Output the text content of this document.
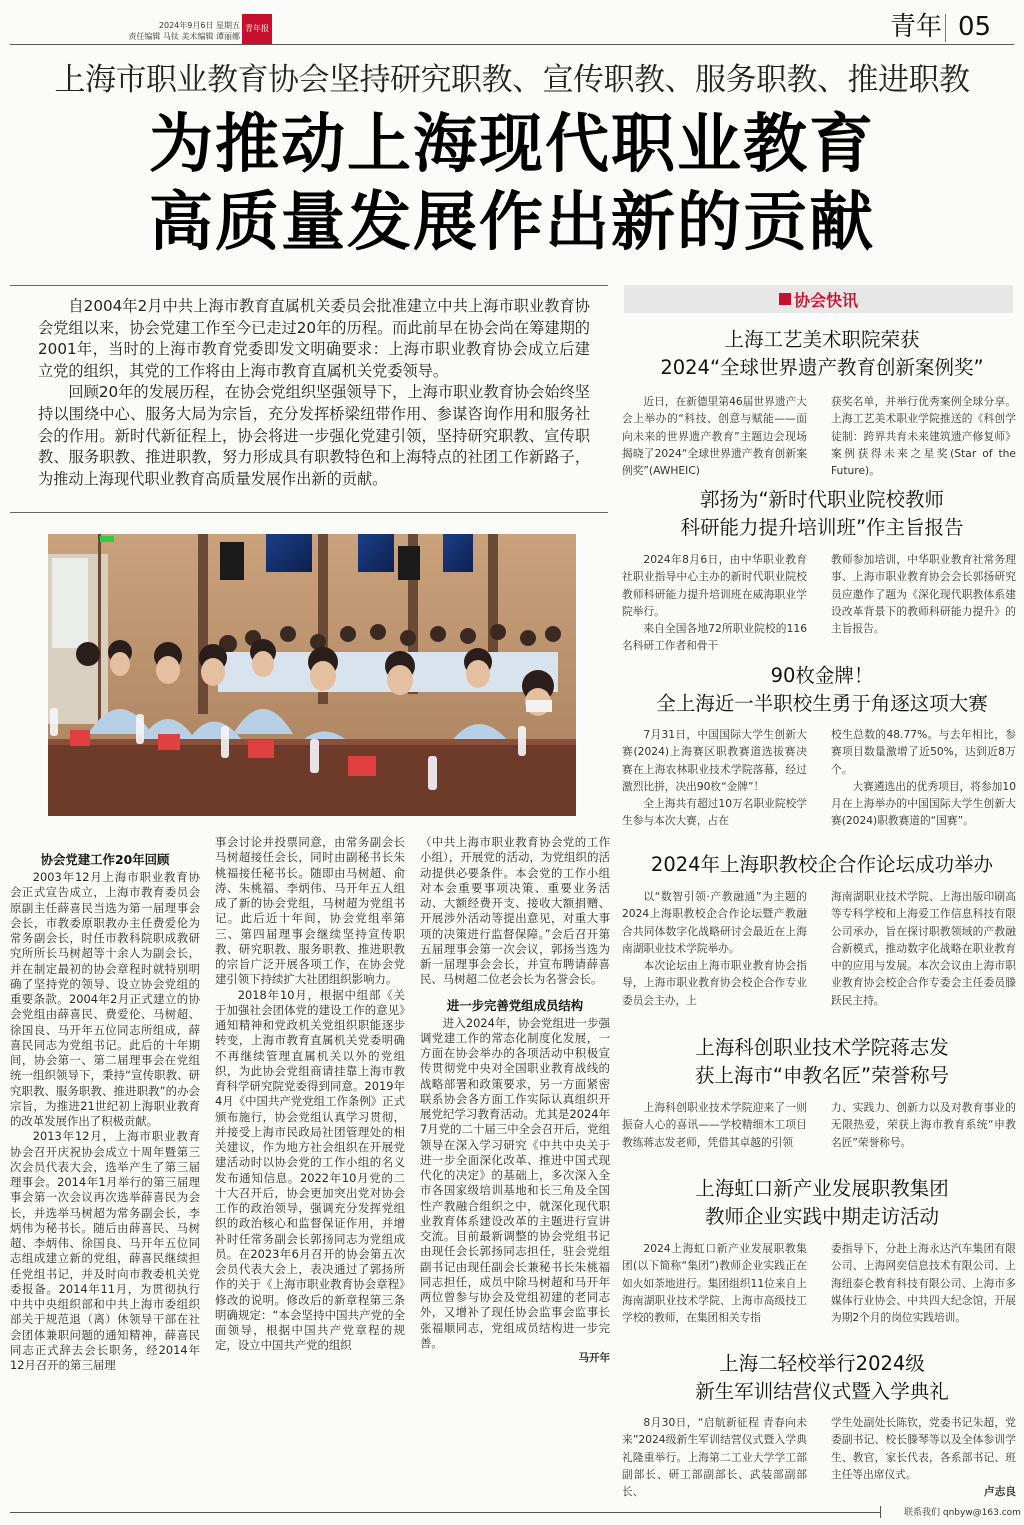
2024年9月6日 星期五
责任编辑 马钛 美术编辑 谭丽娜
青年报	青年 05
上海市职业教育协会坚持研究职教、宣传职教、服务职教、推进职教
为推动上海现代职业教育
高质量发展作出新的贡献

自2004年2月中共上海市教育直属机关委员会批准建立中共上海市职业教育协会党组以来，协会党建工作至今已走过20年的历程。而此前早在协会尚在筹建期的2001年，当时的上海市教育党委即发文明确要求：上海市职业教育协会成立后建立党的组织，其党的工作将由上海市教育直属机关党委领导。

回顾20年的发展历程，在协会党组织坚强领导下，上海市职业教育协会始终坚持以围绕中心、服务大局为宗旨，充分发挥桥梁纽带作用、参谋咨询作用和服务社会的作用。新时代新征程上，协会将进一步强化党建引领，坚持研究职教、宣传职教、服务职教、推进职教，努力形成具有职教特色和上海特点的社团工作新路子，为推动上海现代职业教育高质量发展作出新的贡献。

协会党建工作20年回顾

2003年12月上海市职业教育协会正式宣告成立，上海市教育委员会原副主任薛喜民当选为第一届理事会会长，市教委原职教办主任费爱伦为常务副会长，时任市教科院职成教研究所所长马树超等十余人为副会长，并在制定最初的协会章程时就特别明确了坚持党的领导、设立协会党组的重要条款。2004年2月正式建立的协会党组由薛喜民、费爱伦、马树超、徐国良、马开年五位同志所组成，薛喜民同志为党组书记。此后的十年期间，协会第一、第二届理事会在党组统一组织领导下，秉持“宣传职教、研究职教、服务职教、推进职教”的办会宗旨，为推进21世纪初上海职业教育的改革发展作出了积极贡献。

2013年12月，上海市职业教育协会召开庆祝协会成立十周年暨第三次会员代表大会，选举产生了第三届理事会。2014年1月举行的第三届理事会第一次会议再次选举薛喜民为会长，并选举马树超为常务副会长，李炳伟为秘书长。随后由薛喜民、马树超、李炳伟、徐国良、马开年五位同志组成建立新的党组，薛喜民继续担任党组书记，并及时向市教委机关党委报备。2014年11月，为贯彻执行中共中央组织部和中共上海市委组织部关于规范退（离）休领导干部在社会团体兼职问题的通知精神，薛喜民同志正式辞去会长职务，经2014年12月召开的第三届理

事会讨论并投票同意，由常务副会长马树超接任会长，同时由副秘书长朱桃福接任秘书长。随即由马树超、俞涛、朱桃福、李炳伟、马开年五人组成了新的协会党组，马树超为党组书记。此后近十年间，协会党组率第三、第四届理事会继续坚持宣传职教、研究职教、服务职教、推进职教的宗旨广泛开展各项工作，在协会党建引领下持续扩大社团组织影响力。

2018年10月，根据中组部《关于加强社会团体党的建设工作的意见》通知精神和党政机关党组织职能逐步转变，上海市教育直属机关党委明确不再继续管理直属机关以外的党组织，为此协会党组商请挂靠上海市教育科学研究院党委得到同意。2019年4月《中国共产党党组工作条例》正式颁布施行，协会党组认真学习贯彻，并接受上海市民政局社团管理处的相关建议，作为地方社会组织在开展党建活动时以协会党的工作小组的名义发布通知信息。2022年10月党的二十大召开后，协会更加突出党对协会工作的政治领导，强调充分发挥党组织的政治核心和监督保证作用，并增补时任常务副会长郭扬同志为党组成员。在2023年6月召开的协会第五次会员代表大会上，表决通过了郭扬所作的关于《上海市职业教育协会章程》修改的说明。修改后的新章程第三条明确规定：“本会坚持中国共产党的全面领导，根据中国共产党章程的规定，设立中国共产党的组织

（中共上海市职业教育协会党的工作小组），开展党的活动，为党组织的活动提供必要条件。本会党的工作小组对本会重要事项决策、重要业务活动、大额经费开支、接收大额捐赠、开展涉外活动等提出意见，对重大事项的决策进行监督保障。”会后召开第五届理事会第一次会议，郭扬当选为新一届理事会会长，并宣布聘请薛喜民、马树超二位老会长为名誉会长。

进一步完善党组成员结构

进入2024年，协会党组进一步强调党建工作的常态化制度化发展，一方面在协会举办的各项活动中积极宣传贯彻党中央对全国职业教育战线的战略部署和政策要求，另一方面紧密联系协会各方面工作实际认真组织开展党纪学习教育活动。尤其是2024年7月党的二十届三中全会召开后，党组领导在深入学习研究《中共中央关于进一步全面深化改革、推进中国式现代化的决定》的基础上，多次深入全市各国家级培训基地和长三角及全国性产教融合组织之中，就深化现代职业教育体系建设改革的主题进行宣讲交流。目前最新调整的协会党组书记由现任会长郭扬同志担任，驻会党组副书记由现任副会长兼秘书长朱桃福同志担任，成员中除马树超和马开年两位曾参与协会及党组初建的老同志外，又增补了现任协会监事会监事长张福顺同志，党组成员结构进一步完善。

马开年

协会快讯
上海工艺美术职院荣获
2024“全球世界遗产教育创新案例奖”

近日，在新德里第46届世界遗产大会上举办的“科技、创意与赋能——面向未来的世界遗产教育”主题边会现场揭晓了2024“全球世界遗产教育创新案例奖”(AWHEIC)

获奖名单，并举行优秀案例全球分享。上海工艺美术职业学院推送的《科创学徒制：跨界共育未来建筑遗产修复师》案例获得未来之星奖(Star of the Future)。

郭扬为“新时代职业院校教师
科研能力提升培训班”作主旨报告

2024年8月6日，由中华职业教育社职业指导中心主办的新时代职业院校教师科研能力提升培训班在威海职业学院举行。

来自全国各地72所职业院校的116名科研工作者和骨干

教师参加培训，中华职业教育社常务理事、上海市职业教育协会会长郭扬研究员应邀作了题为《深化现代职教体系建设改革背景下的教师科研能力提升》的主旨报告。

90枚金牌！
全上海近一半职校生勇于角逐这项大赛

7月31日，中国国际大学生创新大赛(2024)上海赛区职教赛道选拔赛决赛在上海农林职业技术学院落幕，经过激烈比拼，决出90枚“金牌”！

全上海共有超过10万名职业院校学生参与本次大赛，占在

校生总数的48.77%。与去年相比，参赛项目数量激增了近50%，达到近8万个。

大赛遴选出的优秀项目，将参加10月在上海举办的中国国际大学生创新大赛(2024)职教赛道的“国赛”。

2024年上海职教校企合作论坛成功举办

以“数智引领·产教融通”为主题的2024上海职教校企合作论坛暨产教融合共同体数字化战略研讨会最近在上海南湖职业技术学院举办。

本次论坛由上海市职业教育协会指导，上海市职业教育协会校企合作专业委员会主办，上

海南湖职业技术学院、上海出版印刷高等专科学校和上海爱工作信息科技有限公司承办，旨在探讨职教领域的产教融合新模式，推动数字化战略在职业教育中的应用与发展。本次会议由上海市职业教育协会校企合作专委会主任委员滕跃民主持。

上海科创职业技术学院蒋志发
获上海市“申教名匠”荣誉称号

上海科创职业技术学院迎来了一则振奋人心的喜讯——学校精细木工项目教练蒋志发老师，凭借其卓越的引领

力、实践力、创新力以及对教育事业的无限热爱，荣获上海市教育系统“申教名匠”荣誉称号。

上海虹口新产业发展职教集团
教师企业实践中期走访活动

2024上海虹口新产业发展职教集团(以下简称“集团”)教师企业实践正在如火如荼地进行。集团组织11位来自上海南湖职业技术学院、上海市高级技工学校的教师，在集团相关专指

委指导下，分赴上海永达汽车集团有限公司、上海网奕信息技术有限公司、上海纽泰仑教育科技有限公司、上海市多媒体行业协会、中共四大纪念馆，开展为期2个月的岗位实践培训。

上海二轻校举行2024级
新生军训结营仪式暨入学典礼

8月30日，“启航新征程 青春向未来”2024级新生军训结营仪式暨入学典礼隆重举行。上海第二工业大学学工部副部长、研工部副部长、武装部副部长、

学生处副处长陈钦，党委书记朱超，党委副书记、校长滕琴等以及全体参训学生、教官，家长代表，各系部书记、班主任等出席仪式。

卢志良

联系我们 qnbyw@163.com
